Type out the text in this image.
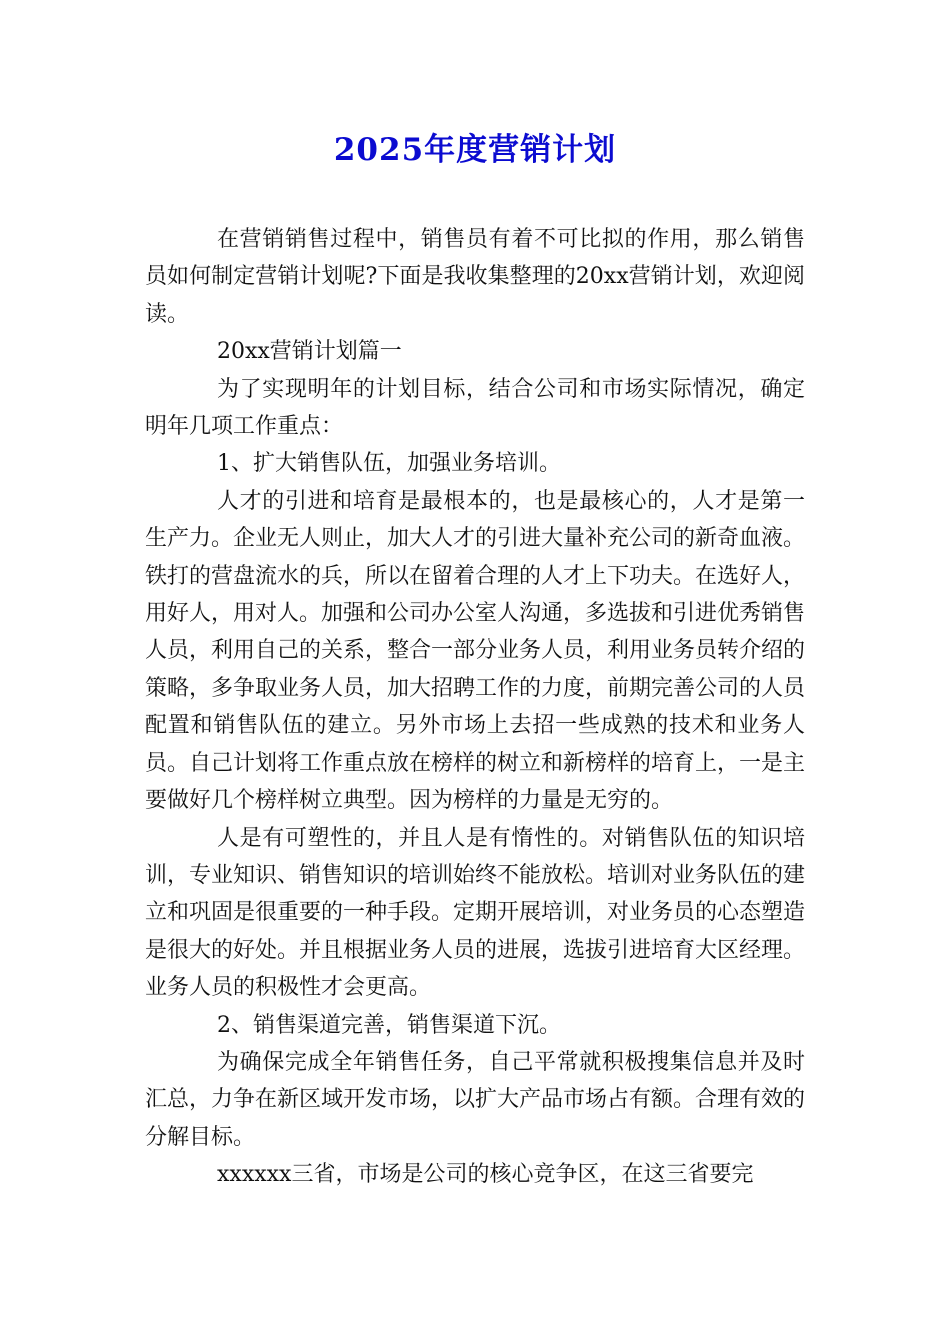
2025年度营销计划

在营销销售过程中，销售员有着不可比拟的作用，那么销售员如何制定营销计划呢?下面是我收集整理的20xx营销计划，欢迎阅读。

20xx营销计划篇一

为了实现明年的计划目标，结合公司和市场实际情况，确定明年几项工作重点：

1、扩大销售队伍，加强业务培训。

人才的引进和培育是最根本的，也是最核心的，人才是第一生产力。企业无人则止，加大人才的引进大量补充公司的新奇血液。 铁打的营盘流水的兵，所以在留着合理的人才上下功夫。在选好人，用好人，用对人。加强和公司办公室人沟通，多选拔和引进优秀销售人员，利用自己的关系，整合一部分业务人员，利用业务员转介绍的策略，多争取业务人员，加大招聘工作的力度，前期完善公司的人员配置和销售队伍的建立。另外市场上去招一些成熟的技术和业务人员。自己计划将工作重点放在榜样的树立和新榜样的培育上，一是主要做好几个榜样树立典型。因为榜样的力量是无穷的。

人是有可塑性的，并且人是有惰性的。对销售队伍的知识培训，专业知识、销售知识的培训始终不能放松。培训对业务队伍的建立和巩固是很重要的一种手段。定期开展培训，对业务员的心态塑造是很大的好处。并且根据业务人员的进展，选拔引进培育大区经理。业务人员的积极性才会更高。

2、销售渠道完善，销售渠道下沉。

为确保完成全年销售任务，自己平常就积极搜集信息并及时汇总，力争在新区域开发市场，以扩大产品市场占有额。合理有效的分解目标。

xxxxxx三省，市场是公司的核心竞争区，在这三省要完
